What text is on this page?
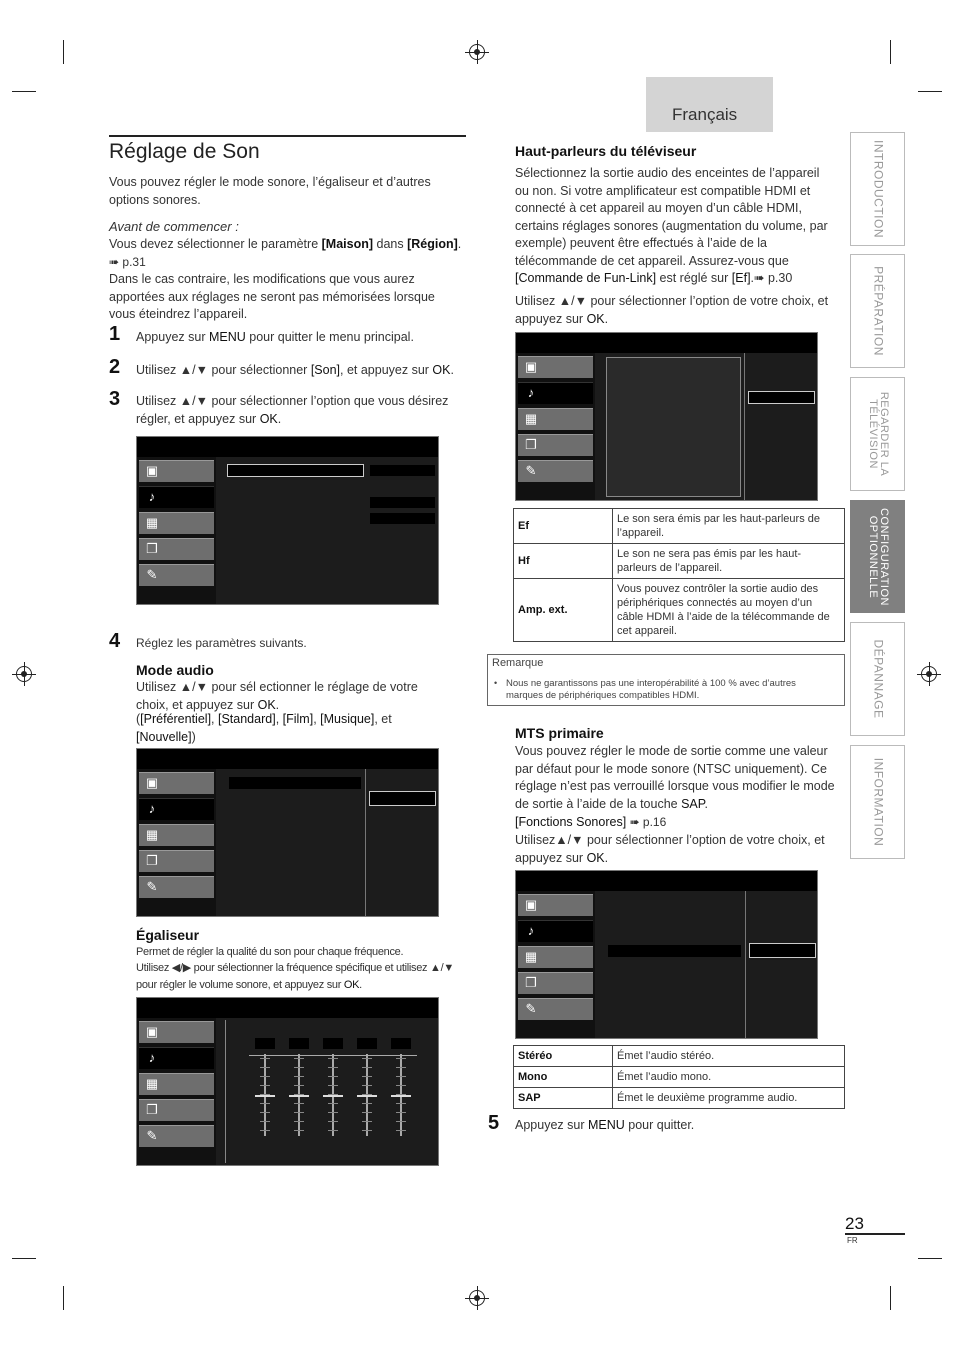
Français
INTRODUCTION
PRÉPARATION
REGARDER LA TÉLÉVISION
CONFIGURATION OPTIONNELLE
DÉPANNAGE
INFORMATION
Réglage de Son
Vous pouvez régler le mode sonore, l’égaliseur et d’autres options sonores.
Avant de commencer :
Vous devez sélectionner le paramètre [Maison] dans [Région].
➠ p.31
Dans le cas contraire, les modifications que vous aurez apportées aux réglages ne seront pas mémorisées lorsque vous éteindrez l’appareil.
1 Appuyez sur MENU pour quitter le menu principal.
2 Utilisez ▲/▼ pour sélectionner [Son], et appuyez sur OK.
3 Utilisez ▲/▼ pour sélectionner l’option que vous désirez régler, et appuyez sur OK.
▣
♪
▦
❐
✎
4 Réglez les paramètres suivants.
Mode audio
Utilisez ▲/▼ pour sél ectionner le réglage de votre choix, et appuyez sur OK.
([Préférentiel], [Standard], [Film], [Musique], et
[Nouvelle])
▣
♪
▦
❐
✎
Égaliseur
Permet de régler la qualité du son pour chaque fréquence.
Utilisez ◀/▶ pour sélectionner la fréquence spécifique et utilisez ▲/▼ pour régler le volume sonore, et appuyez sur OK.
▣
♪
▦
❐
✎
Haut-parleurs du téléviseur
Sélectionnez la sortie audio des enceintes de l’appareil ou non. Si votre amplificateur est compatible HDMI et connecté à cet appareil au moyen d’un câble HDMI, certains réglages sonores (augmentation du volume, par exemple) peuvent être effectués à l’aide de la télécommande de cet appareil. Assurez-vous que [Commande de Fun-Link] est réglé sur [Ef].➠ p.30
Utilisez ▲/▼ pour sélectionner l’option de votre choix, et appuyez sur OK.
▣
♪
▦
❐
✎
Ef	Le son sera émis par les haut-parleurs de l’appareil.
Hf	Le son ne sera pas émis par les haut-parleurs de l’appareil.
Amp. ext.	Vous pouvez contrôler la sortie audio des périphériques connectés au moyen d’un câble HDMI à l’aide de la télécommande de cet appareil.
Remarque
• Nous ne garantissons pas une interopérabilité à 100 % avec d’autres marques de périphériques compatibles HDMI.
MTS primaire
Vous pouvez régler le mode de sortie comme une valeur par défaut pour le mode sonore (NTSC uniquement). Ce réglage n’est pas verrouillé lorsque vous modifier le mode de sortie à l’aide de la touche SAP.
[Fonctions Sonores] ➠ p.16
Utilisez▲/▼ pour sélectionner l’option de votre choix, et appuyez sur OK.
▣
♪
▦
❐
✎
Stéréo	Émet l’audio stéréo.
Mono	Émet l’audio mono.
SAP	Émet le deuxième programme audio.
5 Appuyez sur MENU pour quitter.
23
FR
